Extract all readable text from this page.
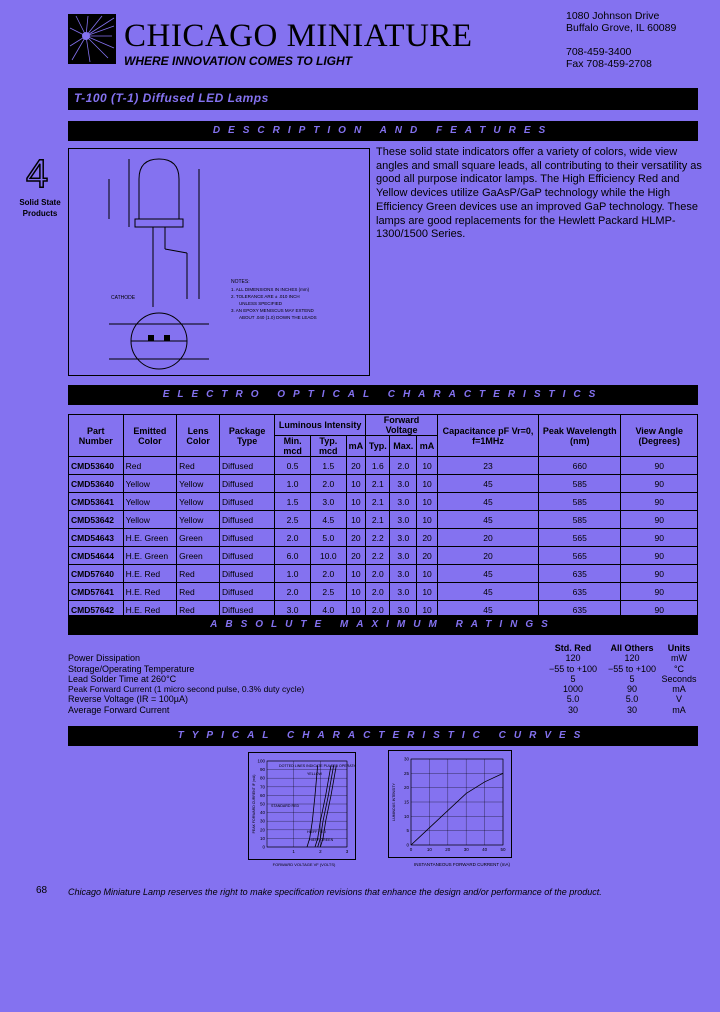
CHICAGO MINIATURE
WHERE INNOVATION COMES TO LIGHT
1080 Johnson Drive
Buffalo Grove, IL 60089
708-459-3400
Fax 708-459-2708
T-100 (T-1) Diffused LED Lamps
DESCRIPTION AND FEATURES
4
Solid State Products
CATHODE
NOTES:
1. ALL DIMENSIONS IN INCHES (mm)
2. TOLERANCE ARE ± .010 INCH
UNLESS SPECIFIED
3. AN EPOXY MENISCUS MAY EXTEND
ABOUT .040 (1.0) DOWN THE LEADS
These solid state indicators offer a variety of colors, wide view angles and small square leads, all contributing to their versatility as good all purpose indicator lamps. The High Efficiency Red and Yellow devices utilize GaAsP/GaP technology while the High Efficiency Green devices use an improved GaP technology. These lamps are good replacements for the Hewlett Packard HLMP-1300/1500 Series.
ELECTRO OPTICAL CHARACTERISTICS
Part Number	Emitted Color	Lens Color	Package Type	Luminous Intensity			Forward Voltage			Capacitance pF Vr=0, f=1MHz	Peak Wavelength (nm)	View Angle (Degrees)
				Min. mcd	Typ. mcd	mA	Typ.	Max.	mA			
CMD53640	Red	Red	Diffused	0.5	1.5	20	1.6	2.0	10	23	660	90
CMD53640	Yellow	Yellow	Diffused	1.0	2.0	10	2.1	3.0	10	45	585	90
CMD53641	Yellow	Yellow	Diffused	1.5	3.0	10	2.1	3.0	10	45	585	90
CMD53642	Yellow	Yellow	Diffused	2.5	4.5	10	2.1	3.0	10	45	585	90
CMD54643	H.E. Green	Green	Diffused	2.0	5.0	20	2.2	3.0	20	20	565	90
CMD54644	H.E. Green	Green	Diffused	6.0	10.0	20	2.2	3.0	20	20	565	90
CMD57640	H.E. Red	Red	Diffused	1.0	2.0	10	2.0	3.0	10	45	635	90
CMD57641	H.E. Red	Red	Diffused	2.0	2.5	10	2.0	3.0	10	45	635	90
CMD57642	H.E. Red	Red	Diffused	3.0	4.0	10	2.0	3.0	10	45	635	90
ABSOLUTE MAXIMUM RATINGS
Std. Red	All Others	Units
Power Dissipation	120	120	mW
Storage/Operating Temperature	−55 to +100	−55 to +100	°C
Lead Solder Time at 260°C	5	5	Seconds
Peak Forward Current (1 micro second pulse, 0.3% duty cycle)	1000	90	mA
Reverse Voltage (IR = 100µA)	5.0	5.0	V
Average Forward Current	30	30	mA
TYPICAL CHARACTERISTIC CURVES
100
90
80
70
60
50
40
30
20
10
0
1	2	3
PEAK FORWARD CURRENT IF (mA)
DOTTED LINES INDICATE PULSED OPERATION
STANDARD RED
YELLOW
HIEFF RED
HIEFF GREEN
FORWARD VOLTAGE VF (VOLTS)
30
25
20
15
10
5
0
0	10	20	30	40	50
LUMINOUS INTENSITY
INSTANTANEOUS FORWARD CURRENT (mA)
68 Chicago Miniature Lamp reserves the right to make specification revisions that enhance the design and/or performance of the product.
